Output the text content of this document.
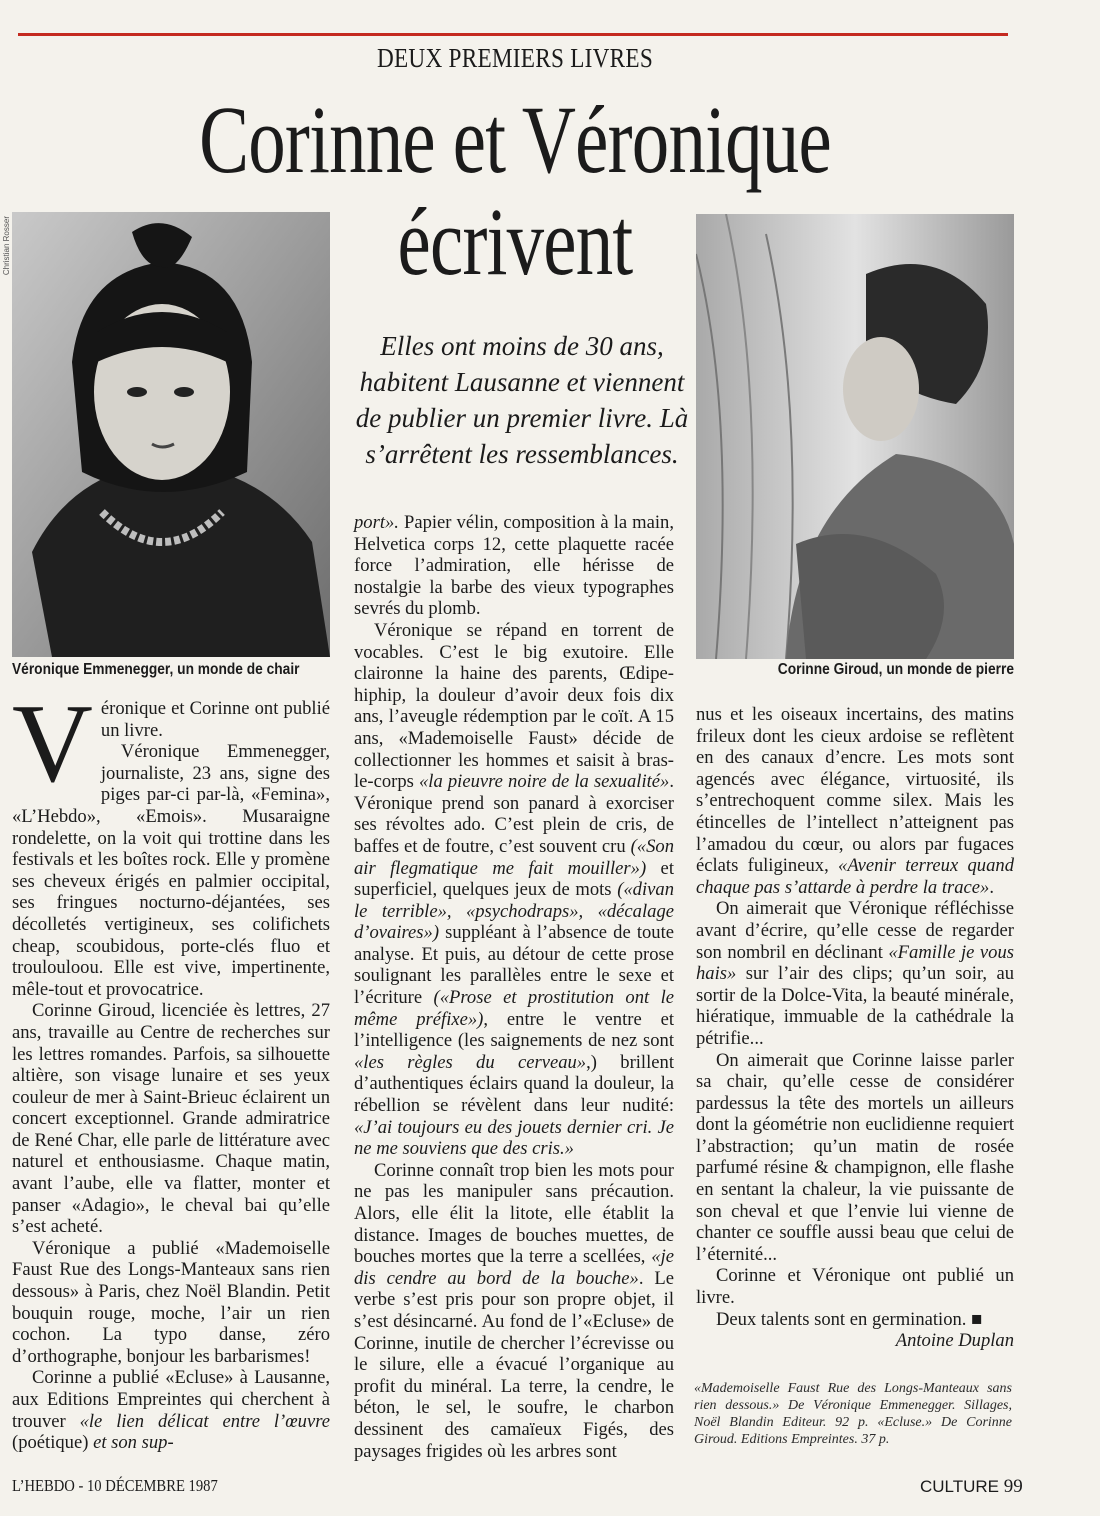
DEUX PREMIERS LIVRES
Corinne et Véronique
écrivent
Elles ont moins de 30 ans, habitent Lausanne et viennent de publier un premier livre. Là s’arrêtent les ressemblances.
Christian Rosser
Véronique Emmenegger, un monde de chair	Corinne Giroud, un monde de pierre

Véronique et Corinne ont publié un livre.

Véronique Emmenegger, journaliste, 23 ans, signe des piges par-ci par-là, «Femina», «L’Hebdo», «Emois». Musaraigne rondelette, on la voit qui trottine dans les festivals et les boîtes rock. Elle y promène ses cheveux érigés en palmier occipital, ses fringues nocturno-déjantées, ses décolletés vertigineux, ses colifichets cheap, scoubidous, porte-clés fluo et troulouloou. Elle est vive, impertinente, mêle-tout et provocatrice.

Corinne Giroud, licenciée ès lettres, 27 ans, travaille au Centre de recherches sur les lettres romandes. Parfois, sa silhouette altière, son visage lunaire et ses yeux couleur de mer à Saint-Brieuc éclairent un concert exceptionnel. Grande admiratrice de René Char, elle parle de littérature avec naturel et enthousiasme. Chaque matin, avant l’aube, elle va flatter, monter et panser «Adagio», le cheval bai qu’elle s’est acheté.

Véronique a publié «Mademoiselle Faust Rue des Longs-Manteaux sans rien dessous» à Paris, chez Noël Blandin. Petit bouquin rouge, moche, l’air un rien cochon. La typo danse, zéro d’orthographe, bonjour les barbarismes!

Corinne a publié «Ecluse» à Lausanne, aux Editions Empreintes qui cherchent à trouver «le lien délicat entre l’œuvre (poétique) et son sup-

port». Papier vélin, composition à la main, Helvetica corps 12, cette plaquette racée force l’admiration, elle hérisse de nostalgie la barbe des vieux typographes sevrés du plomb.

Véronique se répand en torrent de vocables. C’est le big exutoire. Elle claironne la haine des parents, Œdipe-hiphip, la douleur d’avoir deux fois dix ans, l’aveugle rédemption par le coït. A 15 ans, «Mademoiselle Faust» décide de collectionner les hommes et saisit à bras-le-corps «la pieuvre noire de la sexualité». Véronique prend son panard à exorciser ses révoltes ado. C’est plein de cris, de baffes et de foutre, c’est souvent cru («Son air flegmatique me fait mouiller») et superficiel, quelques jeux de mots («divan le terrible», «psychodraps», «décalage d’ovaires») suppléant à l’absence de toute analyse. Et puis, au détour de cette prose soulignant les parallèles entre le sexe et l’écriture («Prose et prostitution ont le même préfixe»), entre le ventre et l’intelligence (les saignements de nez sont «les règles du cerveau»,) brillent d’authentiques éclairs quand la douleur, la rébellion se révèlent dans leur nudité: «J’ai toujours eu des jouets dernier cri. Je ne me souviens que des cris.»

Corinne connaît trop bien les mots pour ne pas les manipuler sans précaution. Alors, elle élit la litote, elle établit la distance. Images de bouches muettes, de bouches mortes que la terre a scellées, «je dis cendre au bord de la bouche». Le verbe s’est pris pour son propre objet, il s’est désincarné. Au fond de l’«Ecluse» de Corinne, inutile de chercher l’écrevisse ou le silure, elle a évacué l’organique au profit du minéral. La terre, la cendre, le béton, le sel, le soufre, le charbon dessinent des camaïeux Figés, des paysages frigides où les arbres sont

nus et les oiseaux incertains, des matins frileux dont les cieux ardoise se reflètent en des canaux d’encre. Les mots sont agencés avec élégance, virtuosité, ils s’entrechoquent comme silex. Mais les étincelles de l’intellect n’atteignent pas l’amadou du cœur, ou alors par fugaces éclats fuligineux, «Avenir terreux quand chaque pas s’attarde à perdre la trace».

On aimerait que Véronique réfléchisse avant d’écrire, qu’elle cesse de regarder son nombril en déclinant «Famille je vous hais» sur l’air des clips; qu’un soir, au sortir de la Dolce-Vita, la beauté minérale, hiératique, immuable de la cathédrale la pétrifie...

On aimerait que Corinne laisse parler sa chair, qu’elle cesse de considérer pardessus la tête des mortels un ailleurs dont la géométrie non euclidienne requiert l’abstraction; qu’un matin de rosée parfumé résine & champignon, elle flashe en sentant la chaleur, la vie puissante de son cheval et que l’envie lui vienne de chanter ce souffle aussi beau que celui de l’éternité...

Corinne et Véronique ont publié un livre.

Deux talents sont en germination. ■

Antoine Duplan
«Mademoiselle Faust Rue des Longs-Manteaux sans rien dessous.» De Véronique Emmenegger. Sillages, Noël Blandin Editeur. 92 p. «Ecluse.» De Corinne Giroud. Editions Empreintes. 37 p.
L’HEBDO - 10 DÉCEMBRE 1987	CULTURE 99
